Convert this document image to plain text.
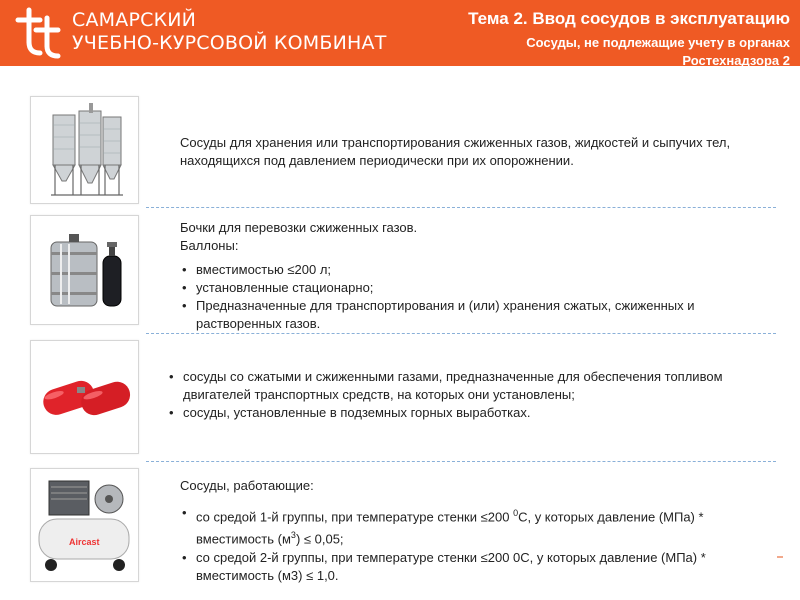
САМАРСКИЙ
УЧЕБНО-КУРСОВОЙ КОМБИНАТ
Тема 2. Ввод сосудов в эксплуатацию
Сосуды, не подлежащие учету в органах Ростехнадзора 2
Сосуды для хранения или транспортирования сжиженных газов, жидкостей и сыпучих тел, находящихся под давлением периодически при их опорожнении.
Бочки для перевозки сжиженных газов.
Баллоны:
• вместимостью ≤200 л;
• установленные стационарно;
• Предназначенные для транспортирования и (или) хранения сжатых, сжиженных и растворенных газов.
• сосуды со сжатыми и сжиженными газами, предназначенные для обеспечения топливом двигателей транспортных средств, на которых они установлены;
• сосуды, установленные в подземных горных выработках.
Aircast
Сосуды, работающие:
• со средой 1-й группы, при температуре стенки ≤200 $^0$С, у которых давление (МПа) * вместимость $(м^3) \le 0,05$;
• со средой 2-й группы, при температуре стенки ≤200 0С, у которых давление (МПа) * вместимость (м3) ≤ 1,0.
